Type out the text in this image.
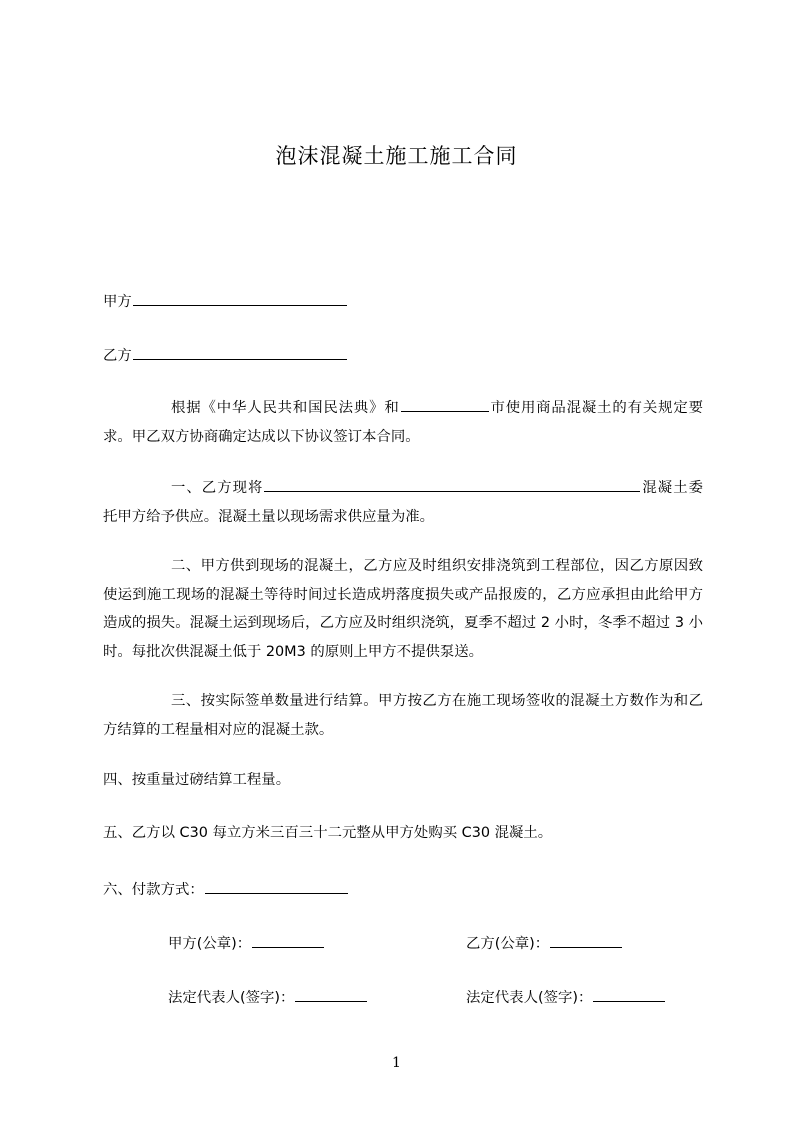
泡沫混凝土施工施工合同
甲方
乙方
根据《中华人民共和国民法典》和	市使用商品混凝土的有关规定要求。甲乙双方协商确定达成以下协议签订本合同。
一、乙方现将	混凝土委托甲方给予供应。混凝土量以现场需求供应量为准。
二、甲方供到现场的混凝土，乙方应及时组织安排浇筑到工程部位，因乙方原因致使运到施工现场的混凝土等待时间过长造成坍落度损失或产品报废的，乙方应承担由此给甲方造成的损失。混凝土运到现场后，乙方应及时组织浇筑，夏季不超过 2 小时，冬季不超过 3 小时。每批次供混凝土低于 20M3 的原则上甲方不提供泵送。
三、按实际签单数量进行结算。甲方按乙方在施工现场签收的混凝土方数作为和乙方结算的工程量相对应的混凝土款。
四、按重量过磅结算工程量。
五、乙方以 C30 每立方米三百三十二元整从甲方处购买 C30 混凝土。
六、付款方式：
甲方(公章)：	乙方(公章)：
法定代表人(签字)：	法定代表人(签字)：
1
